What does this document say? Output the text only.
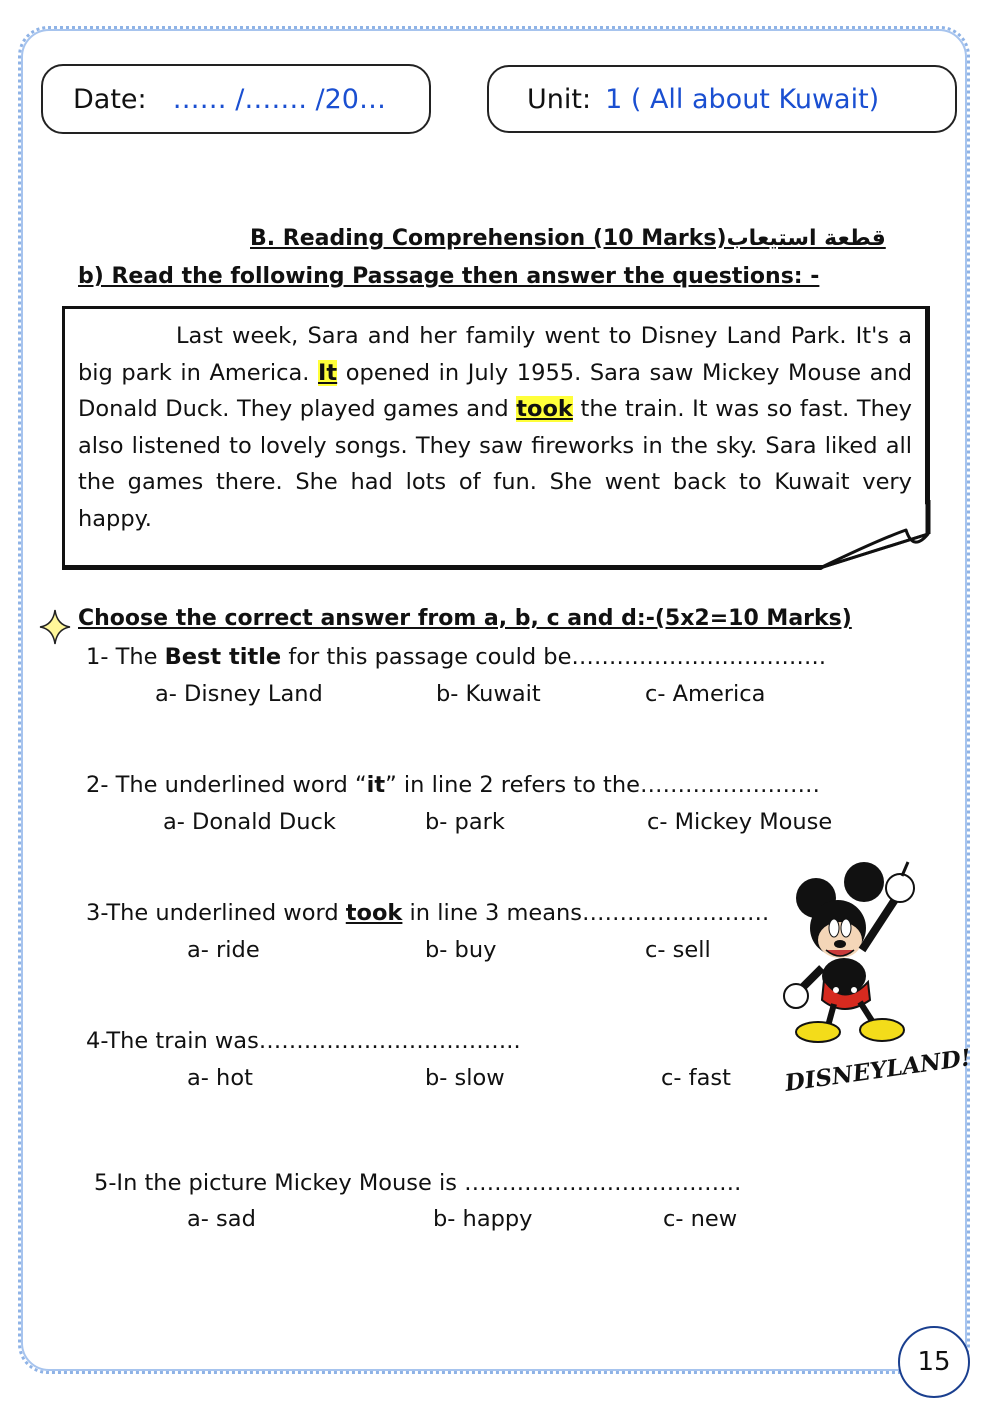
Date: …… /……. /20…	Unit: 1 ( All about Kuwait)
B. Reading Comprehension (10 Marks)قطعة استيعاب
b) Read the following Passage then answer the questions: -
Last week, Sara and her family went to Disney Land Park. It's a big park in America. It opened in July 1955. Sara saw Mickey Mouse and Donald Duck. They played games and took the train. It was so fast. They also listened to lovely songs. They saw fireworks in the sky. Sara liked all the games there. She had lots of fun. She went back to Kuwait very happy.
Choose the correct answer from a, b, c and d:-(5x2=10 Marks)
1- The Best title for this passage could be…………………………….
a- Disney Land	b- Kuwait	c- America
2- The underlined word “it” in line 2 refers to the……………………
a- Donald Duck	b- park	c- Mickey Mouse
3-The underlined word took in line 3 means…………………….
a- ride	b- buy	c- sell
4-The train was……………………………..
a- hot	b- slow	c- fast
5-In the picture Mickey Mouse is ……………………………….
a- sad	b- happy	c- new
DISNEYLAND!
15
